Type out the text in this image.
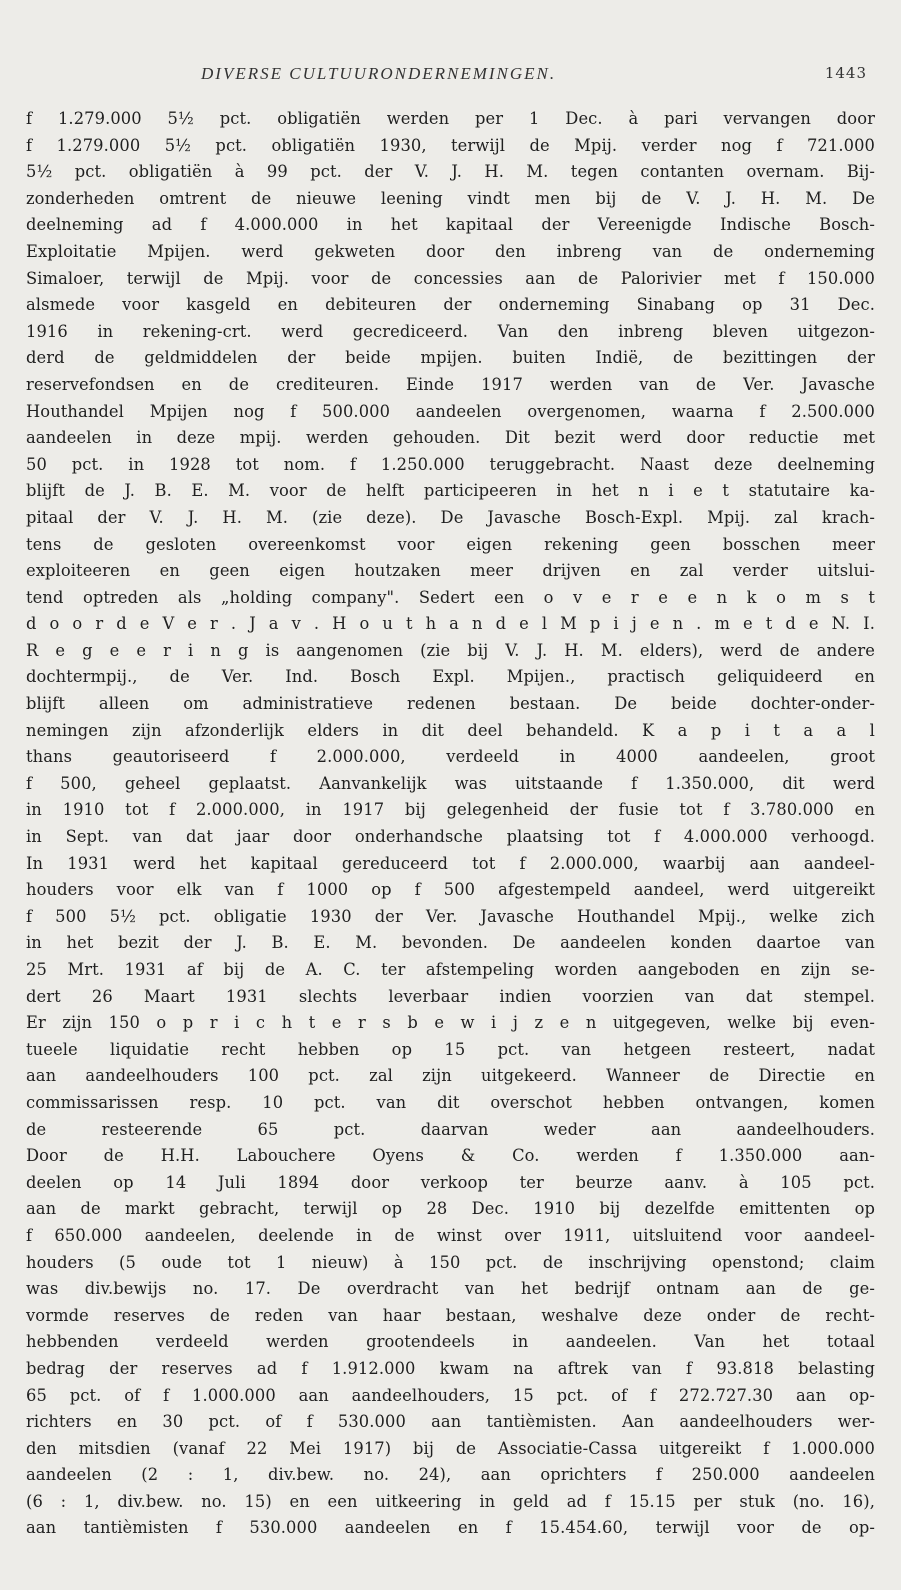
DIVERSE CULTUURONDERNEMINGEN.	1443
f 1.279.000 5½ pct. obligatiën werden per 1 Dec. à pari vervangen door
f 1.279.000 5½ pct. obligatiën 1930, terwijl de Mpij. verder nog f 721.000
5½ pct. obligatiën à 99 pct. der V. J. H. M. tegen contanten overnam. Bij-
zonderheden omtrent de nieuwe leening vindt men bij de V. J. H. M. De
deelneming ad f 4.000.000 in het kapitaal der Vereenigde Indische Bosch-
Exploitatie Mpijen. werd gekweten door den inbreng van de onderneming
Simaloer, terwijl de Mpij. voor de concessies aan de Palorivier met f 150.000
alsmede voor kasgeld en debiteuren der onderneming Sinabang op 31 Dec.
1916 in rekening-crt. werd gecrediceerd. Van den inbreng bleven uitgezon-
derd de geldmiddelen der beide mpijen. buiten Indië, de bezittingen der
reservefondsen en de crediteuren. Einde 1917 werden van de Ver. Javasche
Houthandel Mpijen nog f 500.000 aandeelen overgenomen, waarna f 2.500.000
aandeelen in deze mpij. werden gehouden. Dit bezit werd door reductie met
50 pct. in 1928 tot nom. f 1.250.000 teruggebracht. Naast deze deelneming
blijft de J. B. E. M. voor de helft participeeren in het n i e t statutaire ka-
pitaal der V. J. H. M. (zie deze). De Javasche Bosch-Expl. Mpij. zal krach-
tens de gesloten overeenkomst voor eigen rekening geen bosschen meer
exploiteeren en geen eigen houtzaken meer drijven en zal verder uitslui-
tend optreden als „holding company". Sedert een o v e r e e n k o m s t
d o o r d e V e r . J a v . H o u t h a n d e l M p i j e n . m e t d e N. I.
R e g e e r i n g is aangenomen (zie bij V. J. H. M. elders), werd de andere
dochtermpij., de Ver. Ind. Bosch Expl. Mpijen., practisch geliquideerd en
blijft alleen om administratieve redenen bestaan. De beide dochter-onder-
nemingen zijn afzonderlijk elders in dit deel behandeld. K a p i t a a l
thans geautoriseerd f 2.000.000, verdeeld in 4000 aandeelen, groot
f 500, geheel geplaatst. Aanvankelijk was uitstaande f 1.350.000, dit werd
in 1910 tot f 2.000.000, in 1917 bij gelegenheid der fusie tot f 3.780.000 en
in Sept. van dat jaar door onderhandsche plaatsing tot f 4.000.000 verhoogd.
In 1931 werd het kapitaal gereduceerd tot f 2.000.000, waarbij aan aandeel-
houders voor elk van f 1000 op f 500 afgestempeld aandeel, werd uitgereikt
f 500 5½ pct. obligatie 1930 der Ver. Javasche Houthandel Mpij., welke zich
in het bezit der J. B. E. M. bevonden. De aandeelen konden daartoe van
25 Mrt. 1931 af bij de A. C. ter afstempeling worden aangeboden en zijn se-
dert 26 Maart 1931 slechts leverbaar indien voorzien van dat stempel.
Er zijn 150 o p r i c h t e r s b e w i j z e n uitgegeven, welke bij even-
tueele liquidatie recht hebben op 15 pct. van hetgeen resteert, nadat
aan aandeelhouders 100 pct. zal zijn uitgekeerd. Wanneer de Directie en
commissarissen resp. 10 pct. van dit overschot hebben ontvangen, komen
de resteerende 65 pct. daarvan weder aan aandeelhouders.
Door de H.H. Labouchere Oyens & Co. werden f 1.350.000 aan-
deelen op 14 Juli 1894 door verkoop ter beurze aanv. à 105 pct.
aan de markt gebracht, terwijl op 28 Dec. 1910 bij dezelfde emittenten op
f 650.000 aandeelen, deelende in de winst over 1911, uitsluitend voor aandeel-
houders (5 oude tot 1 nieuw) à 150 pct. de inschrijving openstond; claim
was div.bewijs no. 17. De overdracht van het bedrijf ontnam aan de ge-
vormde reserves de reden van haar bestaan, weshalve deze onder de recht-
hebbenden verdeeld werden grootendeels in aandeelen. Van het totaal
bedrag der reserves ad f 1.912.000 kwam na aftrek van f 93.818 belasting
65 pct. of f 1.000.000 aan aandeelhouders, 15 pct. of f 272.727.30 aan op-
richters en 30 pct. of f 530.000 aan tantièmisten. Aan aandeelhouders wer-
den mitsdien (vanaf 22 Mei 1917) bij de Associatie-Cassa uitgereikt f 1.000.000
aandeelen (2 : 1, div.bew. no. 24), aan oprichters f 250.000 aandeelen
(6 : 1, div.bew. no. 15) en een uitkeering in geld ad f 15.15 per stuk (no. 16),
aan tantièmisten f 530.000 aandeelen en f 15.454.60, terwijl voor de op-
